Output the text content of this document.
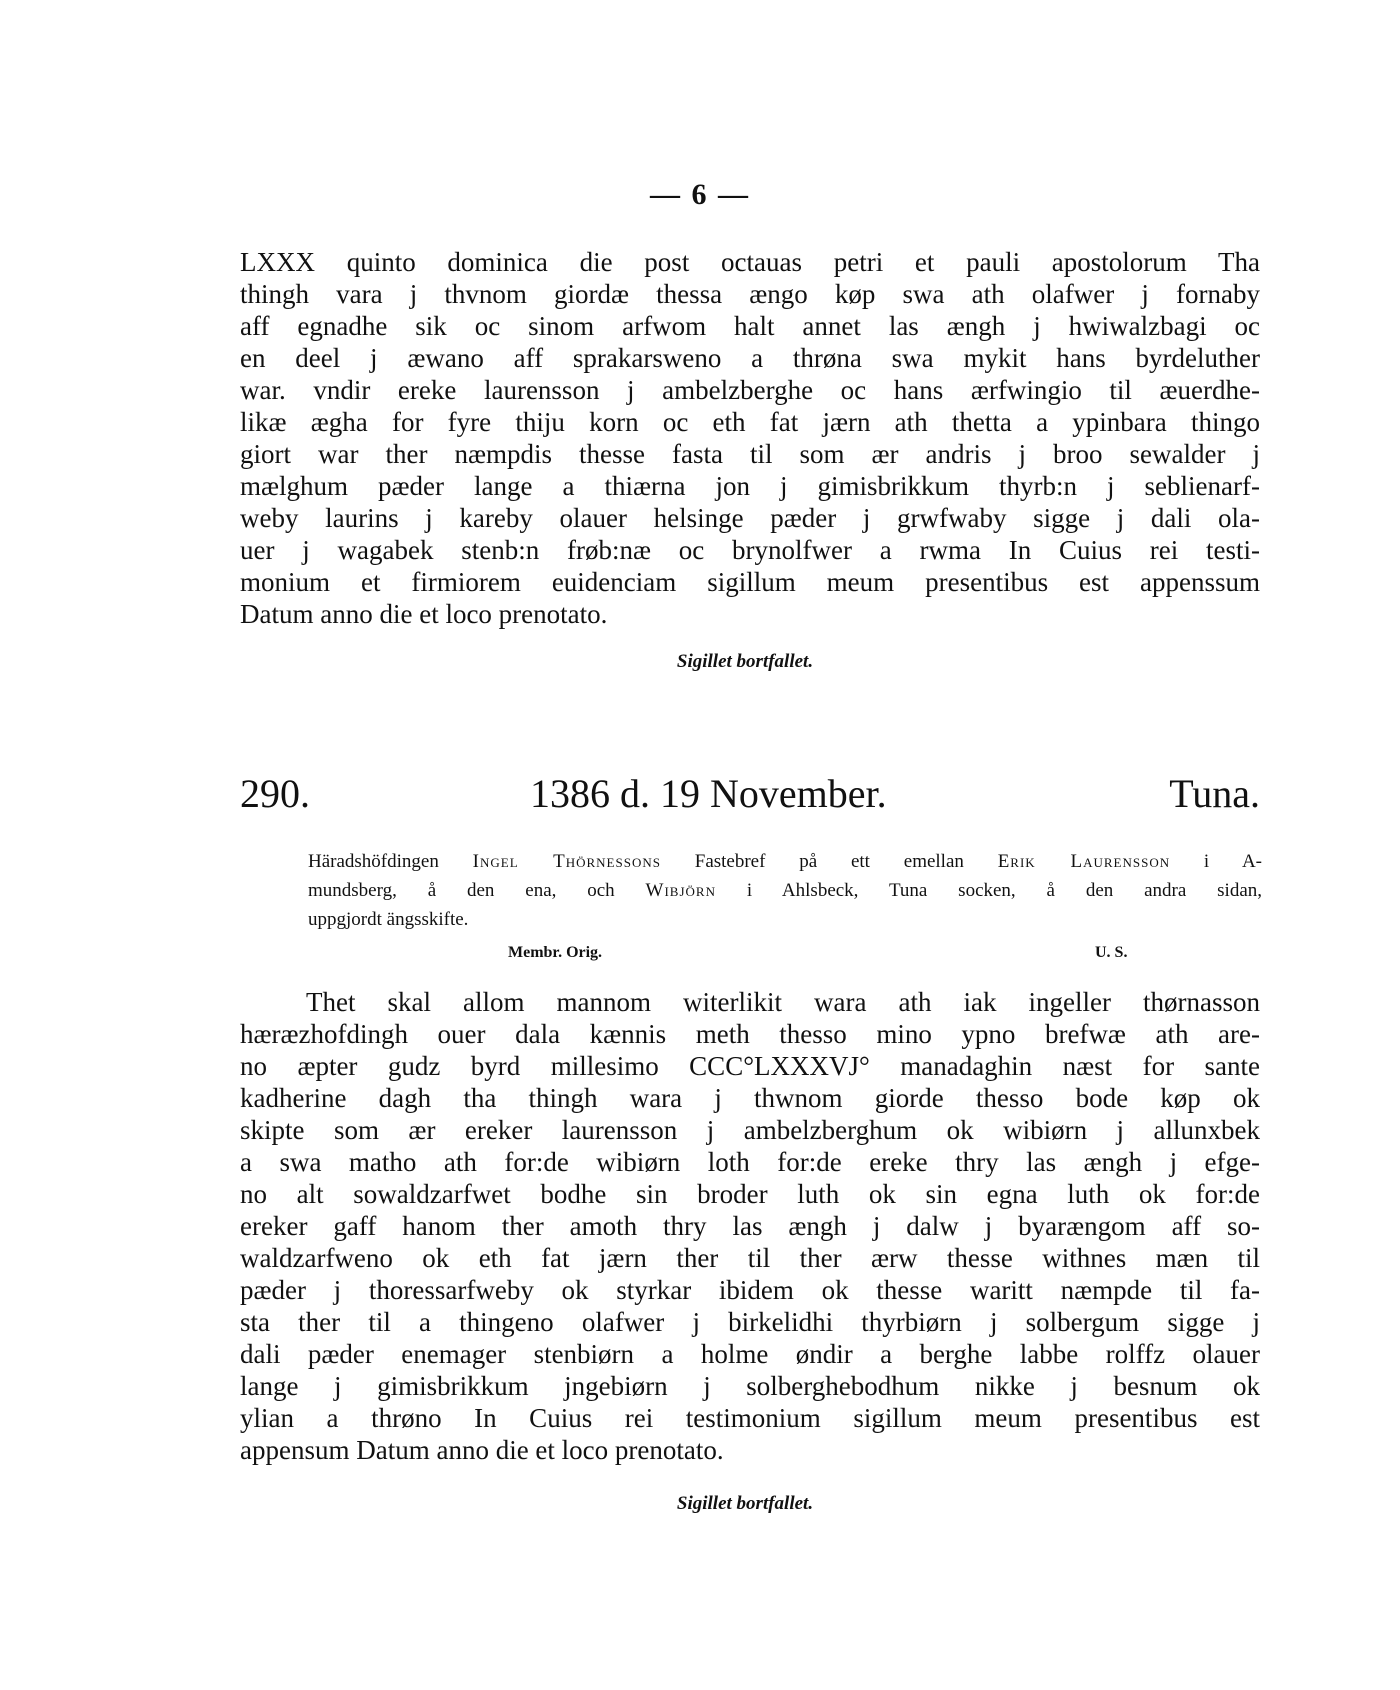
— 6 —
LXXX quinto dominica die post octauas petri et pauli apostolorum Tha
thingh vara j thvnom giordæ thessa ængo køp swa ath olafwer j fornaby
aff egnadhe sik oc sinom arfwom halt annet las ængh j hwiwalzbagi oc
en deel j æwano aff sprakarsweno a thrøna swa mykit hans byrdeluther
war. vndir ereke laurensson j ambelzberghe oc hans ærfwingio til æuerdhe-
likæ ægha for fyre thiju korn oc eth fat jærn ath thetta a ypinbara thingo
giort war ther næmpdis thesse fasta til som ær andris j broo sewalder j
mælghum pæder lange a thiærna jon j gimisbrikkum thyrb:n j seblienarf-
weby laurins j kareby olauer helsinge pæder j grwfwaby sigge j dali ola-
uer j wagabek stenb:n frøb:næ oc brynolfwer a rwma In Cuius rei testi-
monium et firmiorem euidenciam sigillum meum presentibus est appenssum
Datum anno die et loco prenotato.
Sigillet bortfallet.
290.	1386 d. 19 November.	Tuna.
Häradshöfdingen Ingel Thörnessons Fastebref på ett emellan Erik Laurensson i A-
mundsberg, å den ena, och Wibjörn i Ahlsbeck, Tuna socken, å den andra sidan,
uppgjordt ängsskifte.
Membr. Orig.	U. S.
Thet skal allom mannom witerlikit wara ath iak ingeller thørnasson
hæræzhofdingh ouer dala kænnis meth thesso mino ypno brefwæ ath are-
no æpter gudz byrd millesimo CCC°LXXXVJ° manadaghin næst for sante
kadherine dagh tha thingh wara j thwnom giorde thesso bode køp ok
skipte som ær ereker laurensson j ambelzberghum ok wibiørn j allunxbek
a swa matho ath for:de wibiørn loth for:de ereke thry las ængh j efge-
no alt sowaldzarfwet bodhe sin broder luth ok sin egna luth ok for:de
ereker gaff hanom ther amoth thry las ængh j dalw j byarængom aff so-
waldzarfweno ok eth fat jærn ther til ther ærw thesse withnes mæn til
pæder j thoressarfweby ok styrkar ibidem ok thesse waritt næmpde til fa-
sta ther til a thingeno olafwer j birkelidhi thyrbiørn j solbergum sigge j
dali pæder enemager stenbiørn a holme øndir a berghe labbe rolffz olauer
lange j gimisbrikkum jngebiørn j solberghebodhum nikke j besnum ok
ylian a thrøno In Cuius rei testimonium sigillum meum presentibus est
appensum Datum anno die et loco prenotato.
Sigillet bortfallet.
